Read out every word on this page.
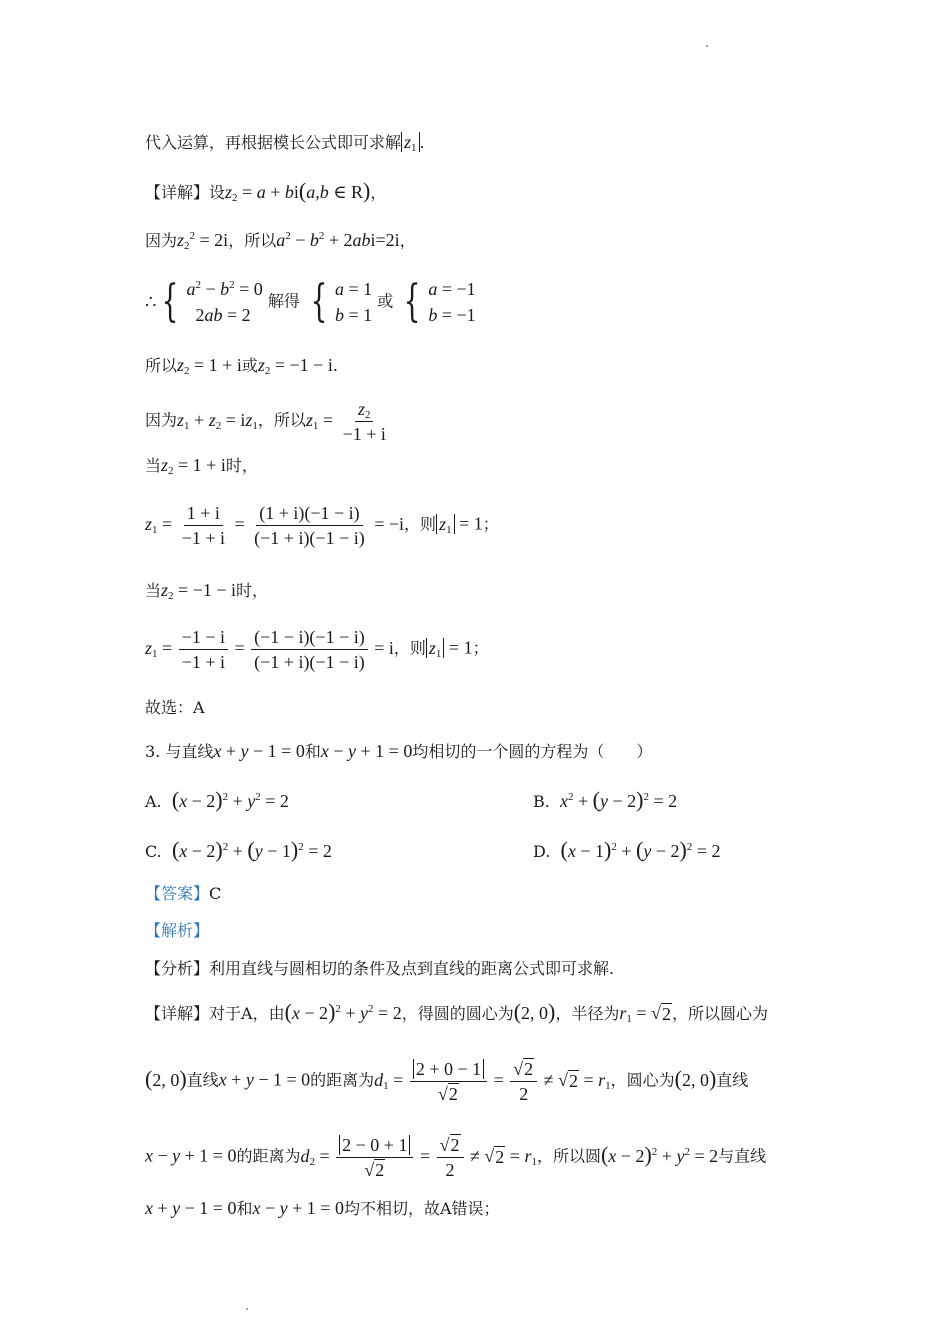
代入运算，再根据模长公式即可求解 $z_1$ .
【详解】设$z_2 = a + bi(a,b$ ∈ R)，
因为$z_2^2 = 2i$，所以$a^2 - b^2 + 2abi=2i$，
∴ { $a^2 - b^2 = 0$
2ab = 2
解得 { a = 1
b = 1
或 { a = −1
b = −1
所以$z_2 = 1 + i$或$z_2 = -1 - i$.
因为$z_1 + z_2 = iz_1$，所以$z_1 = \frac{z_2}{-1 + i}$
当$z_2 = 1 + i$时，
$z_1 = \frac{1 + i}{-1 + i} = \frac{(1 + i)(-1 - i)}{(-1 + i)(-1 - i)} = -i$，则 $z_1 = 1$；
当$z_2 = -1 - i$时，
$z_1 = \frac{-1 - i}{-1 + i} = \frac{(-1 - i)(-1 - i)}{(-1 + i)(-1 - i)} = i$，则 $z_1 = 1$；
故选：A
3. 与直线x + y − 1 = 0和x − y + 1 = 0均相切的一个圆的方程为（　　）
A. $(x - 2)^2 + y^2 = 2$	B. $x^2 + (y - 2)^2 = 2$
C. $(x - 2)^2 + (y - 1)^2 = 2$	D. $(x - 1)^2 + (y - 2)^2 = 2$
【答案】C
【解析】
【分析】利用直线与圆相切的条件及点到直线的距离公式即可求解.
【详解】对于A，由$(x - 2)^2 + y^2 = 2$，得圆的圆心为(2, 0)，半径为$r_1$ = √ 2 ，所以圆心为
(2, 0)直线x + y − 1 = 0的距离为$d_1 = \frac{2 + 0 - 1}{√ 2} = \frac{√ 2}{2}$ ≠ √ $2 = r_1$，圆心为(2, 0)直线
x − y + 1 = 0的距离为$d_2 = \frac{2 - 0 + 1}{√ 2} = \frac{√ 2}{2}$ ≠ √ $2 = r_1$，所以圆$(x - 2)^2 + y^2 = 2$与直线
x + y − 1 = 0和x − y + 1 = 0均不相切，故A错误；
